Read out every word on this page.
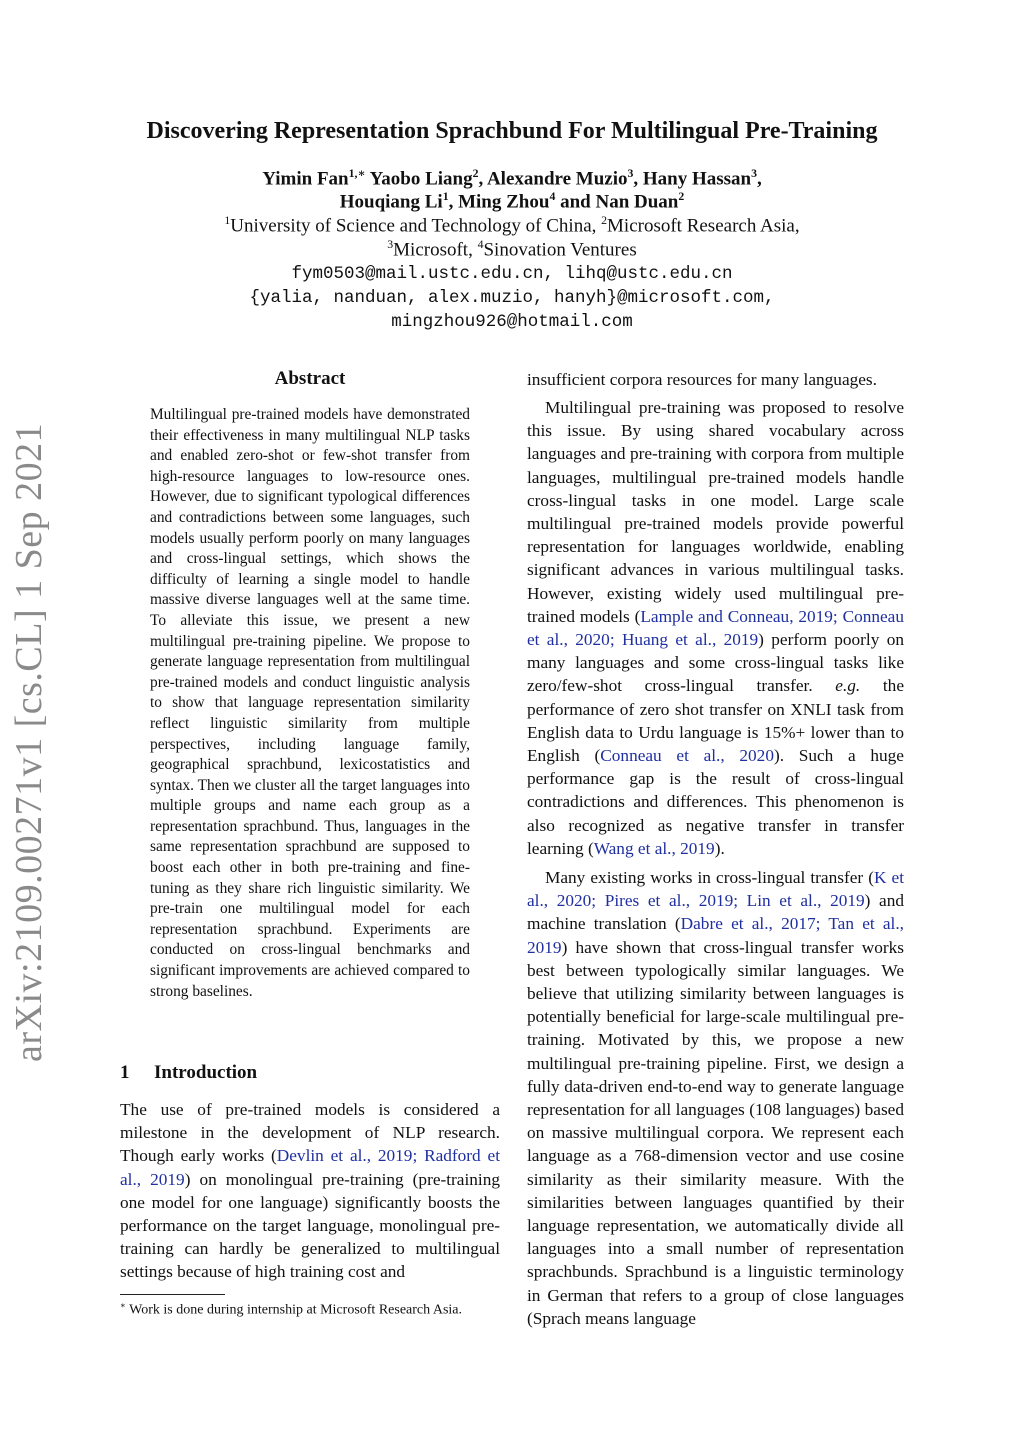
arXiv:2109.00271v1 [cs.CL] 1 Sep 2021
Discovering Representation Sprachbund For Multilingual Pre-Training
Yimin Fan$^{1,∗}$ Yaobo Liang$^2$, Alexandre Muzio$^3$, Hany Hassan$^3$,
Houqiang Li$^1$, Ming Zhou$^4$ and Nan Duan$^2$
$^1$University of Science and Technology of China, $^2$Microsoft Research Asia,
$^3$Microsoft, $^4$Sinovation Ventures
fym0503@mail.ustc.edu.cn, lihq@ustc.edu.cn
{yalia, nanduan, alex.muzio, hanyh}@microsoft.com,
mingzhou926@hotmail.com
Abstract
Multilingual pre-trained models have demonstrated their effectiveness in many multilingual NLP tasks and enabled zero-shot or few-shot transfer from high-resource languages to low-resource ones. However, due to significant typological differences and contradictions between some languages, such models usually perform poorly on many languages and cross-lingual settings, which shows the difficulty of learning a single model to handle massive diverse languages well at the same time. To alleviate this issue, we present a new multilingual pre-training pipeline. We propose to generate language representation from multilingual pre-trained models and conduct linguistic analysis to show that language representation similarity reflect linguistic similarity from multiple perspectives, including language family, geographical sprachbund, lexicostatistics and syntax. Then we cluster all the target languages into multiple groups and name each group as a representation sprachbund. Thus, languages in the same representation sprachbund are supposed to boost each other in both pre-training and fine-tuning as they share rich linguistic similarity. We pre-train one multilingual model for each representation sprachbund. Experiments are conducted on cross-lingual benchmarks and significant improvements are achieved compared to strong baselines.
1 Introduction
The use of pre-trained models is considered a milestone in the development of NLP research. Though early works (Devlin et al., 2019; Radford et al., 2019) on monolingual pre-training (pre-training one model for one language) significantly boosts the performance on the target language, monolingual pre-training can hardly be generalized to multilingual settings because of high training cost and
∗ Work is done during internship at Microsoft Research Asia.
insufficient corpora resources for many languages.
Multilingual pre-training was proposed to resolve this issue. By using shared vocabulary across languages and pre-training with corpora from multiple languages, multilingual pre-trained models handle cross-lingual tasks in one model. Large scale multilingual pre-trained models provide powerful representation for languages worldwide, enabling significant advances in various multilingual tasks. However, existing widely used multilingual pre-trained models (Lample and Conneau, 2019; Conneau et al., 2020; Huang et al., 2019) perform poorly on many languages and some cross-lingual tasks like zero/few-shot cross-lingual transfer. e.g. the performance of zero shot transfer on XNLI task from English data to Urdu language is 15%+ lower than to English (Conneau et al., 2020). Such a huge performance gap is the result of cross-lingual contradictions and differences. This phenomenon is also recognized as negative transfer in transfer learning (Wang et al., 2019).
Many existing works in cross-lingual transfer (K et al., 2020; Pires et al., 2019; Lin et al., 2019) and machine translation (Dabre et al., 2017; Tan et al., 2019) have shown that cross-lingual transfer works best between typologically similar languages. We believe that utilizing similarity between languages is potentially beneficial for large-scale multilingual pre-training. Motivated by this, we propose a new multilingual pre-training pipeline. First, we design a fully data-driven end-to-end way to generate language representation for all languages (108 languages) based on massive multilingual corpora. We represent each language as a 768-dimension vector and use cosine similarity as their similarity measure. With the similarities between languages quantified by their language representation, we automatically divide all languages into a small number of representation sprachbunds. Sprachbund is a linguistic terminology in German that refers to a group of close languages (Sprach means language
